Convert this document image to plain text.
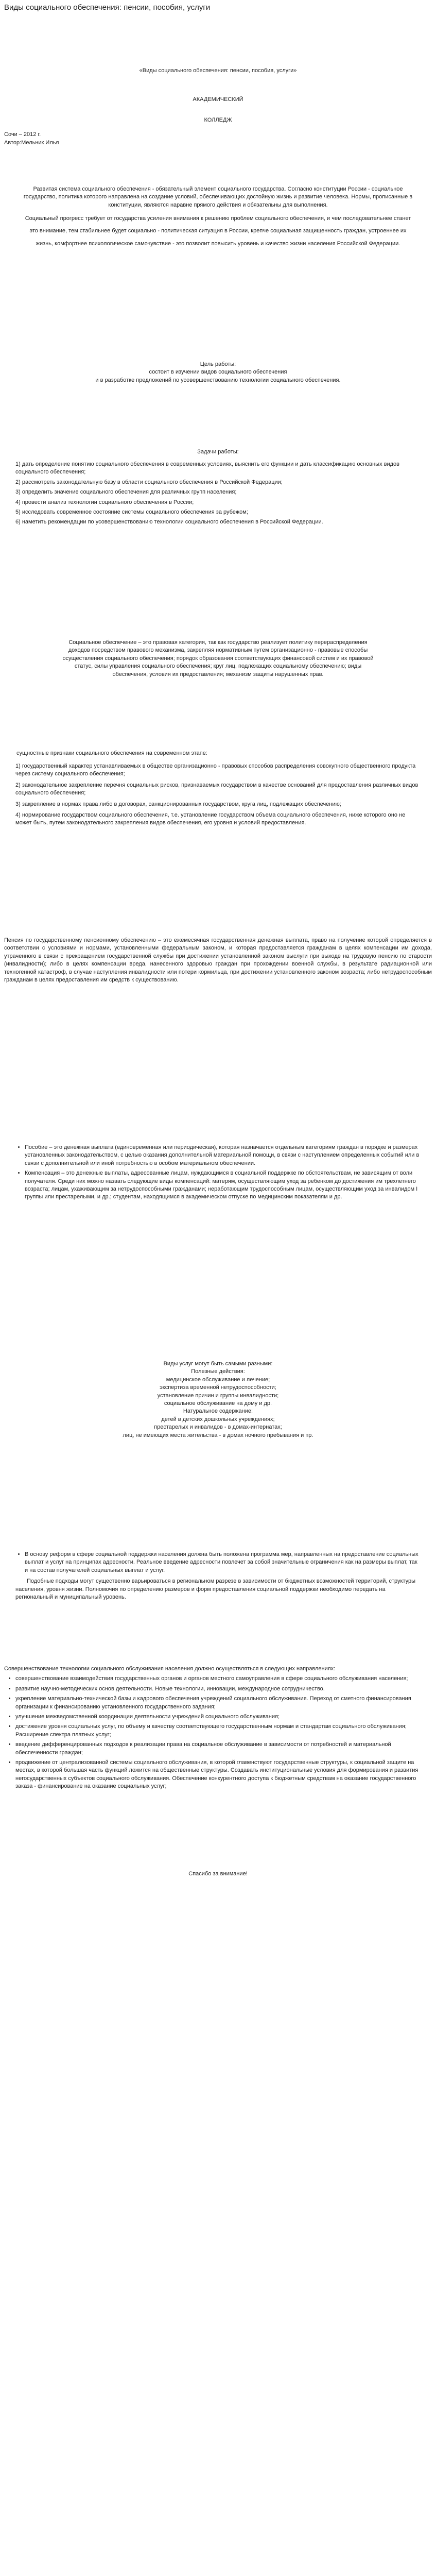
Виды социального обеспечения: пенсии, пособия, услуги

«Виды социального обеспечения: пенсии, пособия, услуги»

АКАДЕМИЧЕСКИЙ

КОЛЛЕДЖ

Сочи – 2012 г.

Автор:Мельник Илья

Развитая система социального обеспечения - обязательный элемент социального государства. Согласно конституции России - социальное государство, политика которого направлена на создание условий, обеспечивающих достойную жизнь и развитие человека. Нормы, прописанные в конституции, являются наравне прямого действия и обязательны для выполнения.

Социальный прогресс требует от государства усиления внимания к решению проблем социального обеспечения, и чем последовательнее станет это внимание, тем стабильнее будет социально - политическая ситуация в России, крепче социальная защищенность граждан, устроеннее их жизнь, комфортнее психологическое самочувствие - это позволит повысить уровень и качество жизни населения Российской Федерации.

Цель работы:

состоит в изучении видов социального обеспечения

и в разработке предложений по усовершенствованию технологии социального обеспечения.

Задачи работы:

1) дать определение понятию социального обеспечения в современных условиях, выяснить его функции и дать классификацию основных видов социального обеспечения;
2) рассмотреть законодательную базу в области социального обеспечения в Российской Федерации;
3) определить значение социального обеспечения для различных групп населения;
4) провести анализ технологии социального обеспечения в России;
5) исследовать современное состояние системы социального обеспечения за рубежом;
6) наметить рекомендации по усовершенствованию технологии социального обеспечения в Российской Федерации.

Социальное обеспечение – это правовая категория, так как государство реализует политику перераспределения доходов посредством правового механизма, закрепляя нормативным путем организационно - правовые способы осуществления социального обеспечения; порядок образования соответствующих финансовой систем и их правовой статус, силы управления социального обеспечения; круг лиц, подлежащих социальному обеспечению; виды обеспечения, условия их предоставления; механизм защиты нарушенных прав.

сущностные признаки социального обеспечения на современном этапе:

1) государственный характер устанавливаемых в обществе организационно - правовых способов распределения совокупного общественного продукта через систему социального обеспечения;
2) законодательное закрепление перечня социальных рисков, признаваемых государством в качестве оснований для предоставления различных видов социального обеспечения;
3) закрепление в нормах права либо в договорах, санкционированных государством, круга лиц, подлежащих обеспечению;
4) нормирование государством социального обеспечения, т.е. установление государством объема социального обеспечения, ниже которого оно не может быть, путем законодательного закрепления видов обеспечения, его уровня и условий предоставления.

Пенсия по государственному пенсионному обеспечению – это ежемесячная государственная денежная выплата, право на получение которой определяется в соответствии с условиями и нормами, установленными федеральным законом, и которая предоставляется гражданам в целях компенсации им дохода, утраченного в связи с прекращением государственной службы при достижении установленной законом выслуги при выходе на трудовую пенсию по старости (инвалидности); либо в целях компенсации вреда, нанесенного здоровью граждан при прохождении военной службы, в результате радиационной или техногенной катастроф, в случае наступления инвалидности или потери кормильца, при достижении установленного законом возраста; либо нетрудоспособным гражданам в целях предоставления им средств к существованию.

• Пособие – это денежная выплата (единовременная или периодическая), которая назначается отдельным категориям граждан в порядке и размерах установленных законодательством, с целью оказания дополнительной материальной помощи, в связи с наступлением определенных событий или в связи с дополнительной или иной потребностью в особом материальном обеспечении.
• Компенсация – это денежные выплаты, адресованные лицам, нуждающимся в социальной поддержке по обстоятельствам, не зависящим от воли получателя. Среди них можно назвать следующие виды компенсаций: матерям, осуществляющим уход за ребенком до достижения им трехлетнего возраста; лицам, ухаживающим за нетрудоспособными гражданами; неработающим трудоспособным лицам, осуществляющим уход за инвалидом I группы или престарелыми, и др.; студентам, находящимся в академическом отпуске по медицинским показателям и др.

Виды услуг могут быть самыми разными:

Полезные действия:

медицинское обслуживание и лечение;

экспертиза временной нетрудоспособности;

установление причин и группы инвалидности;

социальное обслуживание на дому и др.

Натуральное содержание:

детей в детских дошкольных учреждениях;

престарелых и инвалидов - в домах-интернатах;

лиц, не имеющих места жительства - в домах ночного пребывания и пр.

• В основу реформ в сфере социальной поддержки населения должна быть положена программа мер, направленных на предоставление социальных выплат и услуг на принципах адресности. Реальное введение адресности повлечет за собой значительные ограничения как на размеры выплат, так и на состав получателей социальных выплат и услуг.

Подобные подходы могут существенно варьироваться в региональном разрезе в зависимости от бюджетных возможностей территорий, структуры населения, уровня жизни. Полномочия по определению размеров и форм предоставления социальной поддержки необходимо передать на региональный и муниципальный уровень.

Совершенствование технологии социального обслуживания населения должно осуществляться в следующих направлениях:

• совершенствование взаимодействия государственных органов и органов местного самоуправления в сфере социального обслуживания населения;
• развитие научно-методических основ деятельности. Новые технологии, инновации, международное сотрудничество.
• укрепление материально-технической базы и кадрового обеспечения учреждений социального обслуживания. Переход от сметного финансирования организации к финансированию установленного государственного задания;
• улучшение межведомственной координации деятельности учреждений социального обслуживания;
• достижение уровня социальных услуг, по объему и качеству соответствующего государственным нормам и стандартам социального обслуживания; Расширение спектра платных услуг;
• введение дифференцированных подходов к реализации права на социальное обслуживание в зависимости от потребностей и материальной обеспеченности граждан;
• продвижение от централизованной системы социального обслуживания, в которой главенствуют государственные структуры, к социальной защите на местах, в которой большая часть функций ложится на общественные структуры. Создавать институциональные условия для формирования и развития негосударственных субъектов социального обслуживания. Обеспечение конкурентного доступа к бюджетным средствам на оказание государственного заказа - финансирование на оказание социальных услуг;

Спасибо за внимание!
